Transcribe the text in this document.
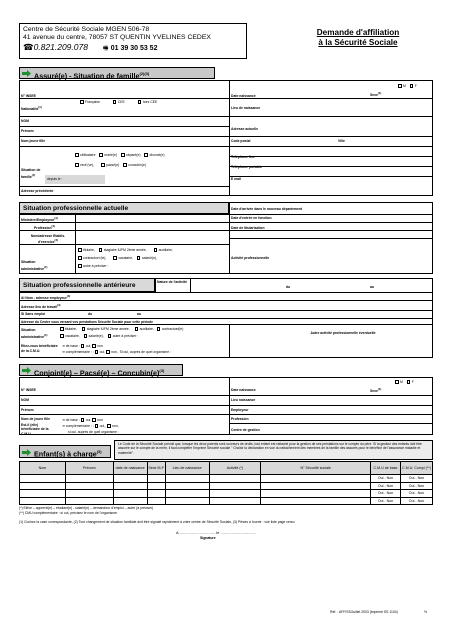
Centre de Sécurité Sociale MGEN 506-78
41 avenue du centre, 78057 ST QUENTIN YVELINES CEDEX
☎0.821.209.078 🖷 01 39 30 53 52
Demande d'affiliation
à la Sécurité Sociale
Assuré(e) - Situation de famille$^{(2)(3)}$
N° INSEE	Date naissance	Sexe$^{(1)}$
M	F
Nationalité$^{(1)}$
Française	CEE	hors CEE
Lieu de naissance
NOM
Prénom	Adresse actuelle
Nom jeune fille	Code postal	Ville
Téléphone fixe
Téléphone portable
E mail
célibataire	marié(e)	séparé(e)	divorcé(e)
veuf (ve),	pacsé(e)	concubin(e)
Situation de famille$^{(1)}$
depuis le :
Adresse précédente
Situation professionnelle actuelle	Date d'arrivée dans le nouveau département
Ministère/Employeur$^{(4)}$	Date d'entrée en fonction
Profession$^{(4)}$	Date de titularisation
Nom/adresse Etablis. d'exercice$^{(4)}$
Situation administrative$^{(1)}$
titulaire,	stagiaire IUFM 2ème année,	auxiliaire,
contractuel (le),	vacataire,	salarié(e),
autre à préciser :
Activité professionnelle
Situation professionnelle antérieure	Nature de l'activité
du	au
Al Nom - adresse employeur$^{(4)}$
Adresse lieu de travail$^{(4)}$
Si Sans emploi	du	au
Adresse du Centre vous versant vos prestations Sécurité Sociale pour cette période
Situation administrative$^{(1)}$
titulaire,	stagiaire IUFM 2ème année,	auxiliaire, contractuel(le)
vacataire,	salarié(e),	autre à préciser :
Autre activité professionnelle éventuelle
Etiez-vous bénéficiaire de la C.M.U.
➔ de base : oui, non
➔ complémentaire : : oui, non,  Si oui, auprès de quel organisme :
Conjoint(e) – Pacsé(e) – $Concubin(e)^{(3)}$
N° INSEE	Date naissance	Sexe$^{(1)}$
M	F
NOM	Lieu naissance
Prénom	Employeur
Nom de jeune fille	Profession
Est-il (elle) bénéficiaire de la C.M.U.
➔ de base : oui, non
➔ complémentaire : : oui, non,
si oui, auprès de quel organisme :	Centre de gestion
Enfant(s) à charge$^{(3)}$
Le Code de la Sécurité Sociale prévoit que, lorsque les deux parents sont ouvreurs de droits, tout enfant est rattaché pour la gestion de ses prestations sur le compte du père. Si la gestion des enfants doit être assurée sur le compte de la mère, il faut compléter l'imprimé Sécurité sociale " Choisir la déclaration en vue du rattachement des membres de la famille des assurés pour le bénéfice de l'assurance maladie et maternité".
Nom	Prénom	date de naissance	Sexe M-F	Lieu de naissance	Activité (*)	N° Sécurité sociale	C.M.U de base	C.M.U. Compl (**)
							Oui - Non	Oui - Non
							Oui - Non	Oui - Non
							Oui - Non	Oui - Non
							Oui - Non	Oui - Non
(*) Elève – apprenti(e) – étudiant(e) - salarié(e) – demandeur d'emploi – autre (à préciser)
(**) CMU complémentaire : si oui, précisez le nom de l'organisme.
(1) Cochez la case correspondante, (2) Tout changement de situation familiale doit être signalé rapidement à votre centre de Sécurité Sociale, (3) Pièces à fournir : voir liste page verso
A ................................ le ................................
Signature
Réf. : AFF/SS/Juillet 2003 (imprimé SS 1104)	%
